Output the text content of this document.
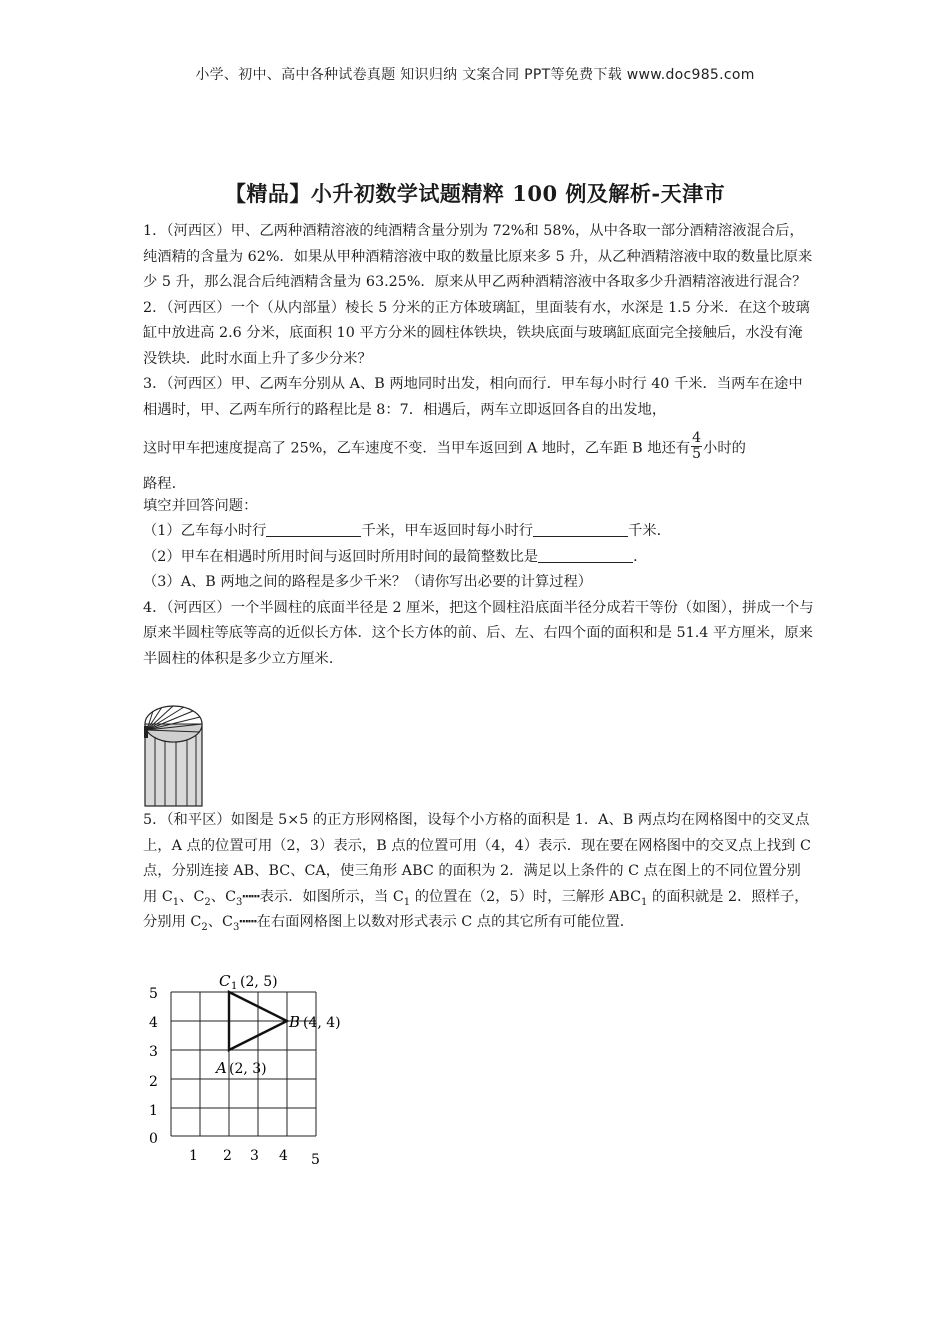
小学、初中、高中各种试卷真题 知识归纳 文案合同 PPT等免费下载 www.doc985.com
【精品】小升初数学试题精粹 100 例及解析-天津市

1．（河西区）甲、乙两种酒精溶液的纯酒精含量分别为 72%和 58%，从中各取一部分酒精溶液混合后，纯酒精的含量为 62%．如果从甲种酒精溶液中取的数量比原来多 5 升，从乙种酒精溶液中取的数量比原来少 5 升，那么混合后纯酒精含量为 63.25%．原来从甲乙两种酒精溶液中各取多少升酒精溶液进行混合？

2．（河西区）一个（从内部量）棱长 5 分米的正方体玻璃缸，里面装有水，水深是 1.5 分米．在这个玻璃缸中放进高 2.6 分米，底面积 10 平方分米的圆柱体铁块，铁块底面与玻璃缸底面完全接触后，水没有淹没铁块．此时水面上升了多少分米？

3．（河西区）甲、乙两车分别从 A、B 两地同时出发，相向而行．甲车每小时行 40 千米．当两车在途中相遇时，甲、乙两车所行的路程比是 8：7．相遇后，两车立即返回各自的出发地，

这时甲车把速度提高了 25%，乙车速度不变．当甲车返回到 A 地时，乙车距 B 地还有 $\frac{4}{5}$ 小时的

路程．

填空并回答问题：

（1）乙车每小时行	千米，甲车返回时每小时行	千米．

（2）甲车在相遇时所用时间与返回时所用时间的最简整数比是	．

（3）A、B 两地之间的路程是多少千米？（请你写出必要的计算过程）

4．（河西区）一个半圆柱的底面半径是 2 厘米，把这个圆柱沿底面半径分成若干等份（如图），拼成一个与原来半圆柱等底等高的近似长方体．这个长方体的前、后、左、右四个面的面积和是 51.4 平方厘米，原来半圆柱的体积是多少立方厘米．

5．（和平区）如图是 5×5 的正方形网格图，设每个小方格的面积是 1．A、B 两点均在网格图中的交叉点上，A 点的位置可用（2，3）表示，B 点的位置可用（4，4）表示．现在要在网格图中的交叉点上找到 C 点，分别连接 AB、BC、CA，使三角形 ABC 的面积为 2．满足以上条件的 C 点在图上的不同位置分别用 $C_1$、$C_2$、$C_3┅┅$表示．如图所示，当 $C_1$ 的位置在（2，5）时，三解形 $ABC_1$ 的面积就是 2．照样子，分别用 $C_2$、$C_3┅┅$在右面网格图上以数对形式表示 C 点的其它所有可能位置．

5
4
3
2
1
0
1 2 3 4 5
C 1 (2, 5)
B (4, 4)
A (2, 3)
